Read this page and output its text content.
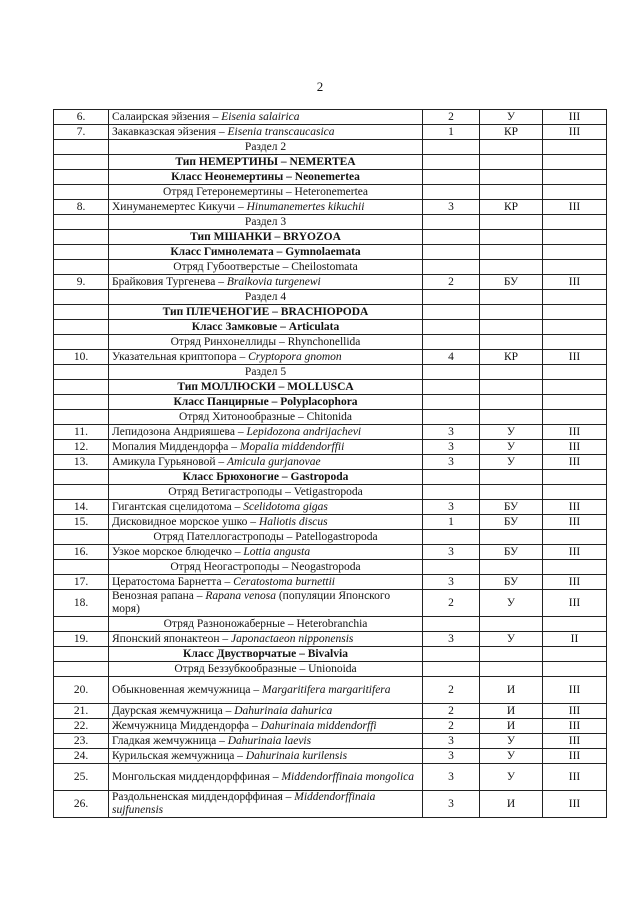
2
6.	Салаирская эйзения – Eisenia salairica	2	У	III
7.	Закавказская эйзения – Eisenia transcaucasica	1	КР	III
	Раздел 2			
	Тип НЕМЕРТИНЫ – NEMERTEA			
	Класс Неонемертины – Neonemertea			
	Отряд Гетеронемертины – Heteronemertea			
8.	Хинуманемертес Кикучи – Hinumanemertes kikuchii	3	КР	III
	Раздел 3			
	Тип МШАНКИ – BRYOZOA			
	Класс Гимнолемата – Gymnolaemata			
	Отряд Губоотверстые – Cheilostomata			
9.	Брайковия Тургенева – Braikovia turgenewi	2	БУ	III
	Раздел 4			
	Тип ПЛЕЧЕНОГИЕ – BRACHIOPODA			
	Класс Замковые – Articulata			
	Отряд Ринхонеллиды – Rhynchonellida			
10.	Указательная криптопора – Cryptopora gnomon	4	КР	III
	Раздел 5			
	Тип МОЛЛЮСКИ – MOLLUSCA			
	Класс Панцирные – Polyplacophora			
	Отряд Хитонообразные – Chitonida			
11.	Лепидозона Андрияшева – Lepidozona andrijachevi	3	У	III
12.	Мопалия Миддендорфа – Mopalia middendorffii	3	У	III
13.	Амикула Гурьяновой – Amicula gurjanovae	3	У	III
	Класс Брюхоногие – Gastropoda			
	Отряд Ветигастроподы – Vetigastropoda			
14.	Гигантская сцелидотома – Scelidotoma gigas	3	БУ	III
15.	Дисковидное морское ушко – Haliotis discus	1	БУ	III
	Отряд Пателлогастроподы – Patellogastropoda			
16.	Узкое морское блюдечко – Lottia angusta	3	БУ	III
	Отряд Неогастроподы – Neogastropoda			
17.	Цератостома Барнетта – Ceratostoma burnettii	3	БУ	III
18.	Венозная рапана – Rapana venosa (популяции Японского моря)	2	У	III
	Отряд Разноножаберные – Heterobranchia			
19.	Японский японактеон – Japonactaeon nipponensis	3	У	II
	Класс Двустворчатые – Bivalvia			
	Отряд Беззубкообразные – Unionoida			
20.	Обыкновенная жемчужница – Margaritifera margaritifera	2	И	III
21.	Даурская жемчужница – Dahurinaia dahurica	2	И	III
22.	Жемчужница Миддендорфа – Dahurinaia middendorffi	2	И	III
23.	Гладкая жемчужница – Dahurinaia laevis	3	У	III
24.	Курильская жемчужница – Dahurinaia kurilensis	3	У	III
25.	Монгольская миддендорффиная – Middendorffinaia mongolica	3	У	III
26.	Раздольненская миддендорффиная – Middendorffinaia sujfunensis	3	И	III
